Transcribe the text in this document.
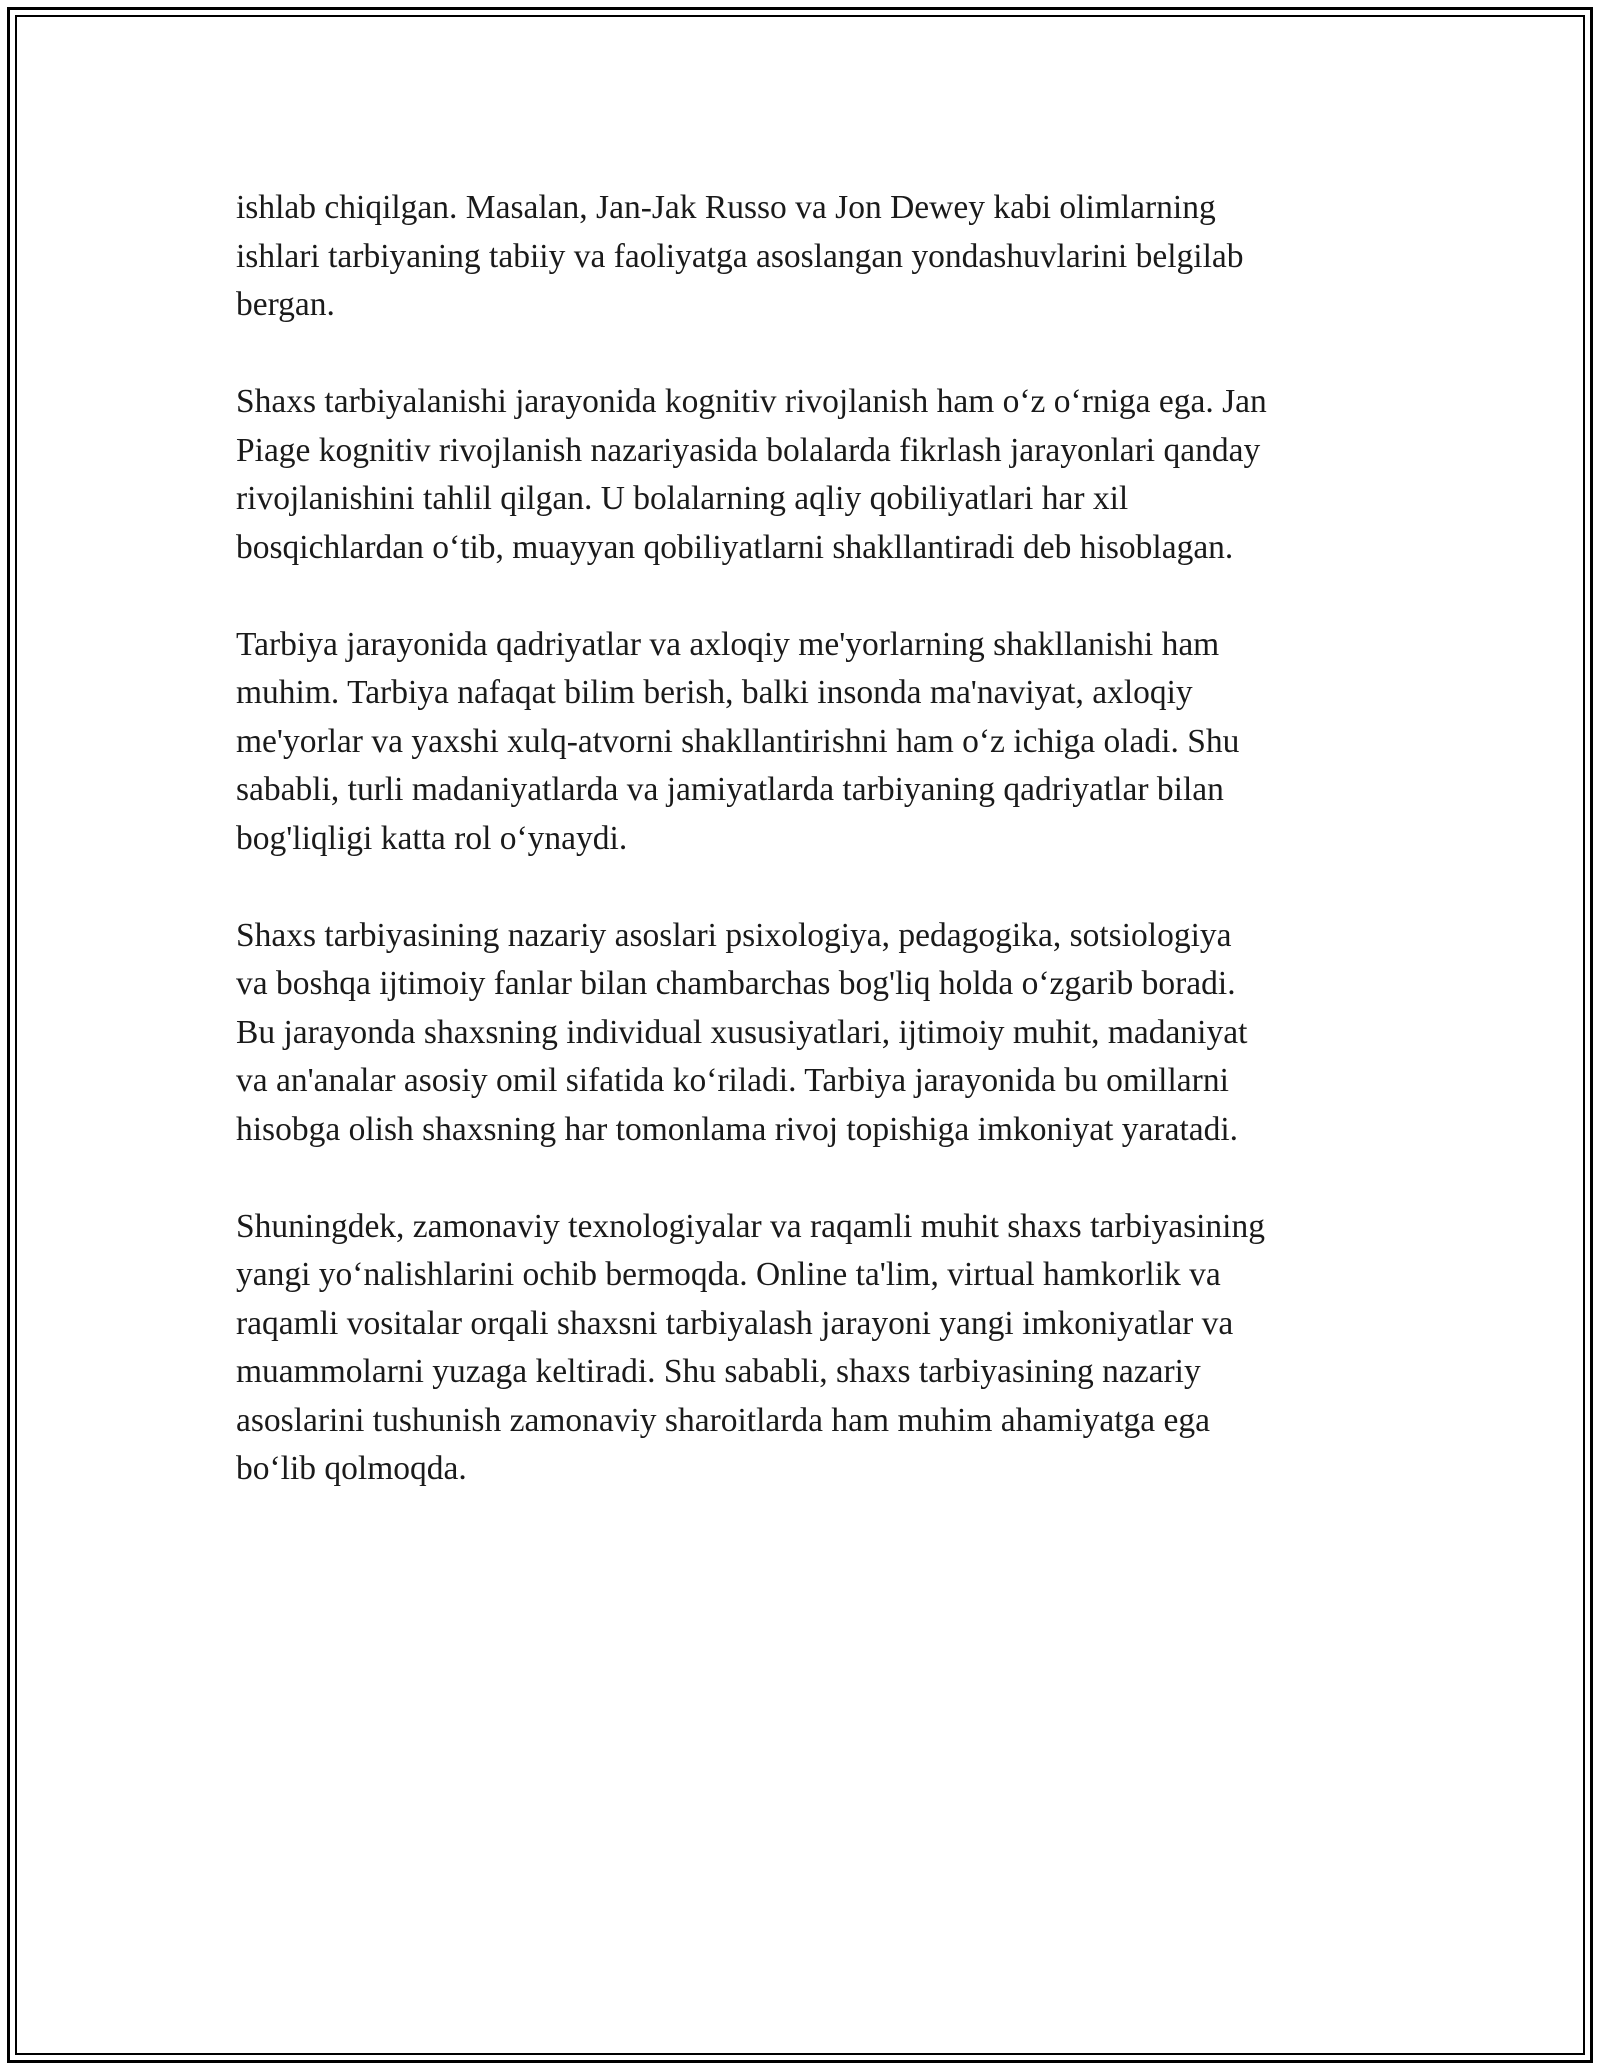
ishlab chiqilgan. Masalan, Jan-Jak Russo va Jon Dewey kabi olimlarning
ishlari tarbiyaning tabiiy va faoliyatga asoslangan yondashuvlarini belgilab
bergan.

Shaxs tarbiyalanishi jarayonida kognitiv rivojlanish ham o‘z o‘rniga ega. Jan
Piage kognitiv rivojlanish nazariyasida bolalarda fikrlash jarayonlari qanday
rivojlanishini tahlil qilgan. U bolalarning aqliy qobiliyatlari har xil
bosqichlardan o‘tib, muayyan qobiliyatlarni shakllantiradi deb hisoblagan.

Tarbiya jarayonida qadriyatlar va axloqiy me'yorlarning shakllanishi ham
muhim. Tarbiya nafaqat bilim berish, balki insonda ma'naviyat, axloqiy
me'yorlar va yaxshi xulq-atvorni shakllantirishni ham o‘z ichiga oladi. Shu
sababli, turli madaniyatlarda va jamiyatlarda tarbiyaning qadriyatlar bilan
bog'liqligi katta rol o‘ynaydi.

Shaxs tarbiyasining nazariy asoslari psixologiya, pedagogika, sotsiologiya
va boshqa ijtimoiy fanlar bilan chambarchas bog'liq holda o‘zgarib boradi.
Bu jarayonda shaxsning individual xususiyatlari, ijtimoiy muhit, madaniyat
va an'analar asosiy omil sifatida ko‘riladi. Tarbiya jarayonida bu omillarni
hisobga olish shaxsning har tomonlama rivoj topishiga imkoniyat yaratadi.

Shuningdek, zamonaviy texnologiyalar va raqamli muhit shaxs tarbiyasining
yangi yo‘nalishlarini ochib bermoqda. Online ta'lim, virtual hamkorlik va
raqamli vositalar orqali shaxsni tarbiyalash jarayoni yangi imkoniyatlar va
muammolarni yuzaga keltiradi. Shu sababli, shaxs tarbiyasining nazariy
asoslarini tushunish zamonaviy sharoitlarda ham muhim ahamiyatga ega
bo‘lib qolmoqda.
